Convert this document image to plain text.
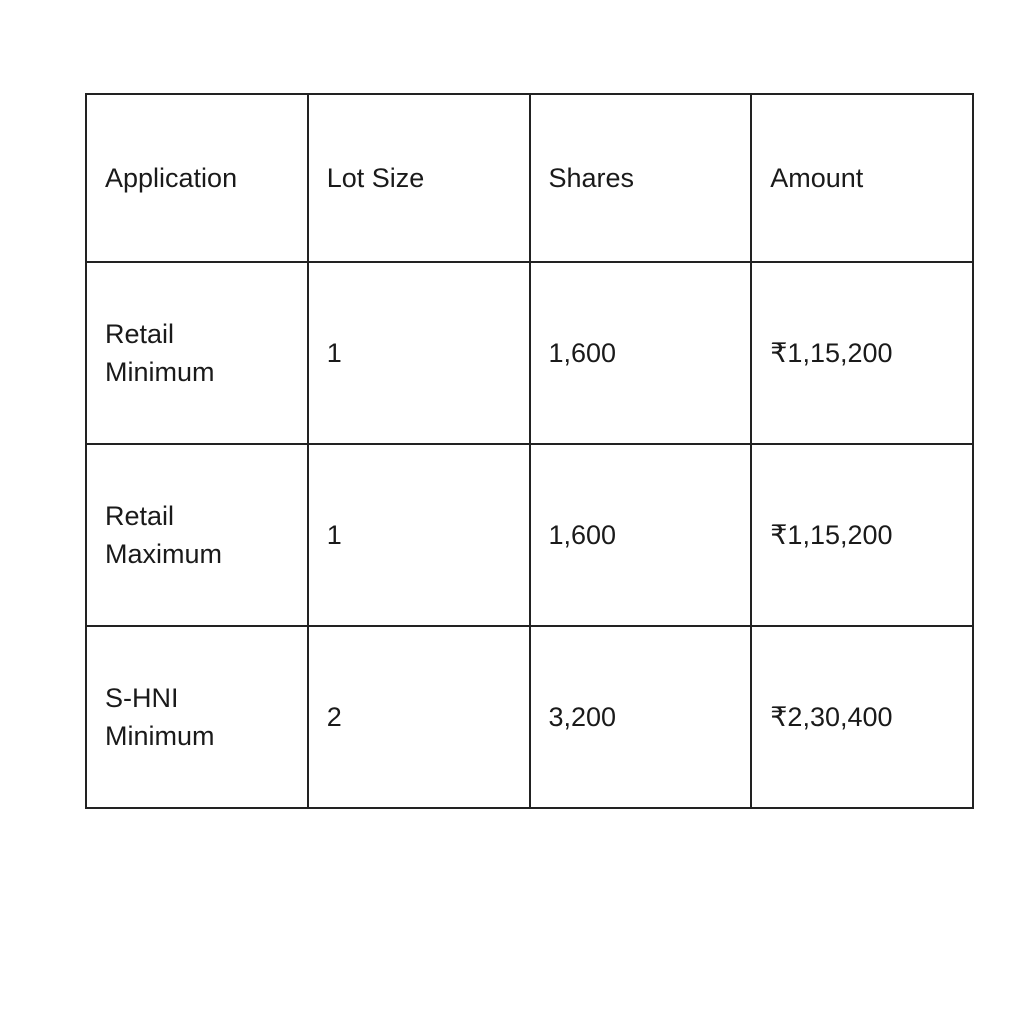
Application	Lot Size	Shares	Amount

Retail Minimum	1	1,600	₹1,15,200

Retail Maximum	1	1,600	₹1,15,200

S-HNI Minimum	2	3,200	₹2,30,400
